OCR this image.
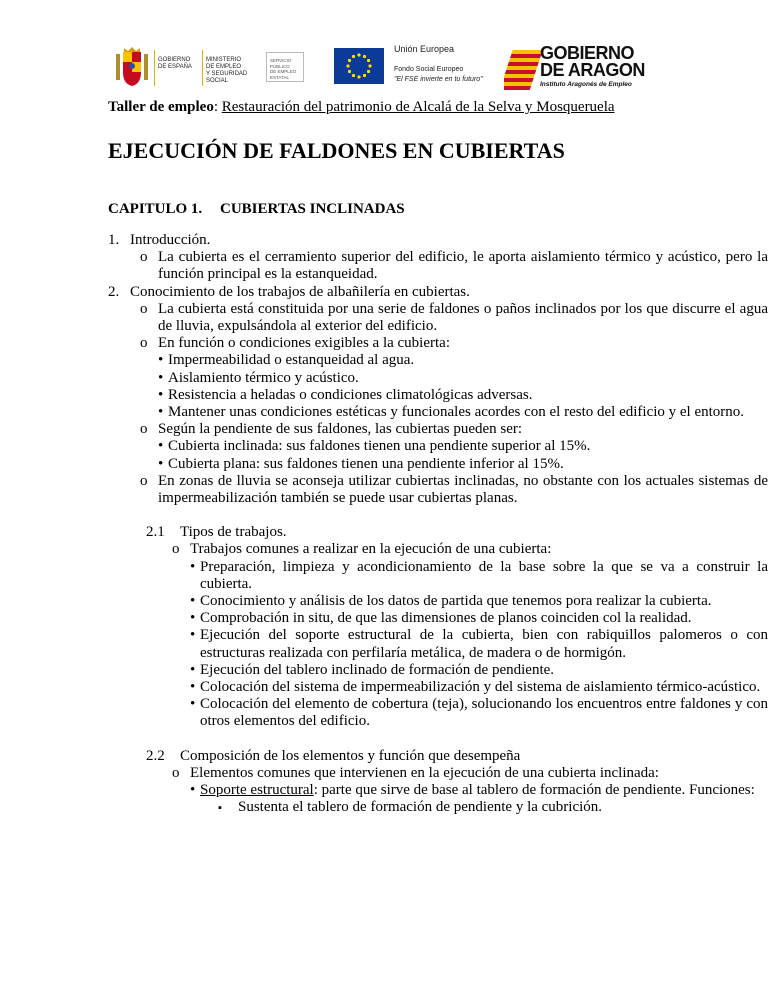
GOBIERNO
DE ESPAÑA
MINISTERIO
DE EMPLEO
Y SEGURIDAD SOCIAL
SERVICIO PÚBLICO
DE EMPLEO ESTATAL
Unión Europea
Fondo Social Europeo
"El FSE invierte en tu futuro"
GOBIERNO
DE ARAGON
Instituto Aragonés de Empleo
Taller de empleo: Restauración del patrimonio de Alcalá de la Selva y Mosqueruela
EJECUCIÓN DE FALDONES EN CUBIERTAS
CAPITULO 1. CUBIERTAS INCLINADAS
1. Introducción.
o La cubierta es el cerramiento superior del edificio, le aporta aislamiento térmico y acústico, pero la función principal es la estanqueidad.
2. Conocimiento de los trabajos de albañilería en cubiertas.
o La cubierta está constituida por una serie de faldones o paños inclinados por los que discurre el agua de lluvia, expulsándola al exterior del edificio.
o En función o condiciones exigibles a la cubierta:
• Impermeabilidad o estanqueidad al agua.
• Aislamiento térmico y acústico.
• Resistencia a heladas o condiciones climatológicas adversas.
• Mantener unas condiciones estéticas y funcionales acordes con el resto del edificio y el entorno.
o Según la pendiente de sus faldones, las cubiertas pueden ser:
• Cubierta inclinada: sus faldones tienen una pendiente superior al 15%.
• Cubierta plana: sus faldones tienen una pendiente inferior al 15%.
o En zonas de lluvia se aconseja utilizar cubiertas inclinadas, no obstante con los actuales sistemas de impermeabilización también se puede usar cubiertas planas.
2.1 Tipos de trabajos.
o Trabajos comunes a realizar en la ejecución de una cubierta:
• Preparación, limpieza y acondicionamiento de la base sobre la que se va a construir la cubierta.
• Conocimiento y análisis de los datos de partida que tenemos pora realizar la cubierta.
• Comprobación in situ, de que las dimensiones de planos coinciden col la realidad.
• Ejecución del soporte estructural de la cubierta, bien con rabiquillos palomeros o con estructuras realizada con perfilaría metálica, de madera o de hormigón.
• Ejecución del tablero inclinado de formación de pendiente.
• Colocación del sistema de impermeabilización y del sistema de aislamiento térmico-acústico.
• Colocación del elemento de cobertura (teja), solucionando los encuentros entre faldones y con otros elementos del edificio.
2.2 Composición de los elementos y función que desempeña
o Elementos comunes que intervienen en la ejecución de una cubierta inclinada:
• Soporte estructural: parte que sirve de base al tablero de formación de pendiente. Funciones:
▪ Sustenta el tablero de formación de pendiente y la cubrición.
